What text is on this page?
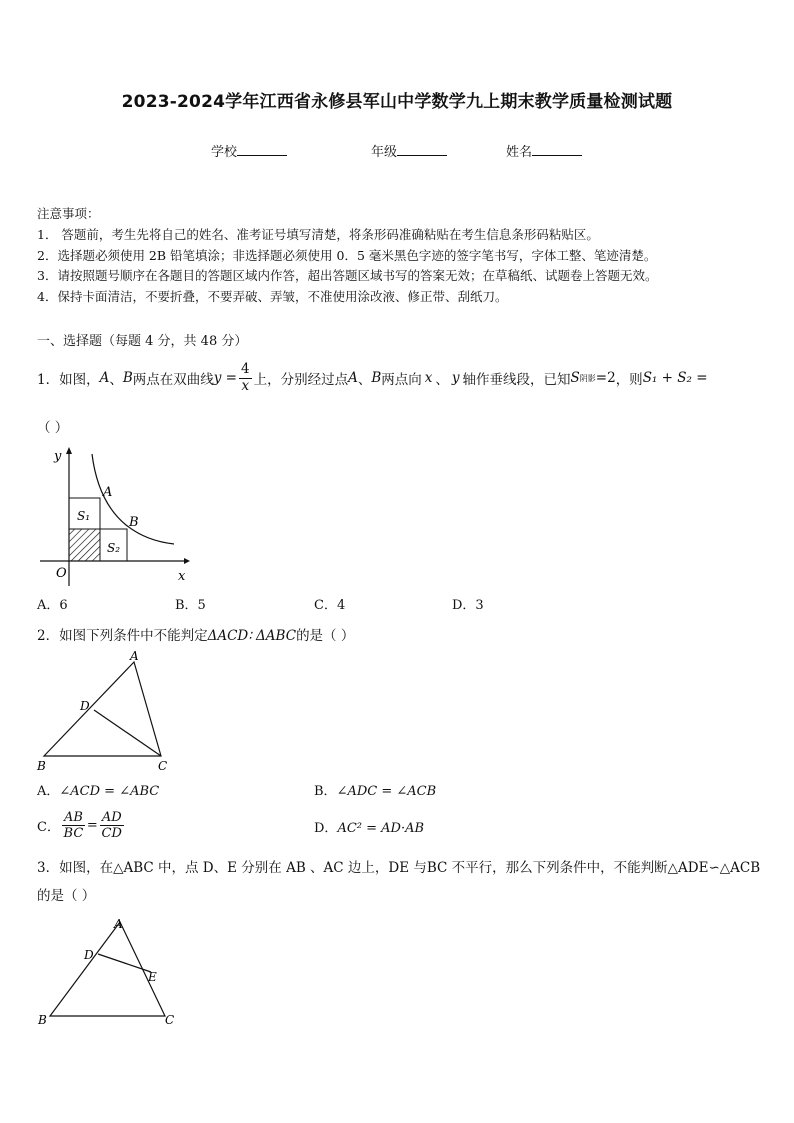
2023-2024学年江西省永修县军山中学数学九上期末教学质量检测试题
学校	年级	姓名
注意事项：
1． 答题前，考生先将自己的姓名、准考证号填写清楚，将条形码准确粘贴在考生信息条形码粘贴区。
2．选择题必须使用 2B 铅笔填涂；非选择题必须使用 0．5 毫米黑色字迹的签字笔书写，字体工整、笔迹清楚。
3．请按照题号顺序在各题目的答题区域内作答，超出答题区域书写的答案无效；在草稿纸、试题卷上答题无效。
4．保持卡面清洁，不要折叠，不要弄破、弄皱，不准使用涂改液、修正带、刮纸刀。
一、选择题（每题 4 分，共 48 分）
1．如图， A 、 B 两点在双曲线 $y = \frac{4}{x}$ 上，分别经过点 A 、 B 两点向 x 、 y 轴作垂线段，已知 S 阴影 =2 ，则 S₁ + S₂ =
（ ）
y
x
O
A
B
S₁
S₂
A．6	B．5	C．4	D．3
2．如图下列条件中不能判定ΔACD∶ ΔABC的是（ ）
A
B	C
D
A．∠ACD = ∠ABC	B．∠ADC = ∠ACB
C． $\frac{AB}{BC} = \frac{AD}{CD}$	D．AC² = AD·AB
3．如图，在△ABC 中，点 D、E 分别在 AB 、AC 边上，DE 与BC 不平行，那么下列条件中，不能判断△ADE∽△ACB
的是（ ）
A
B	C
D
E
